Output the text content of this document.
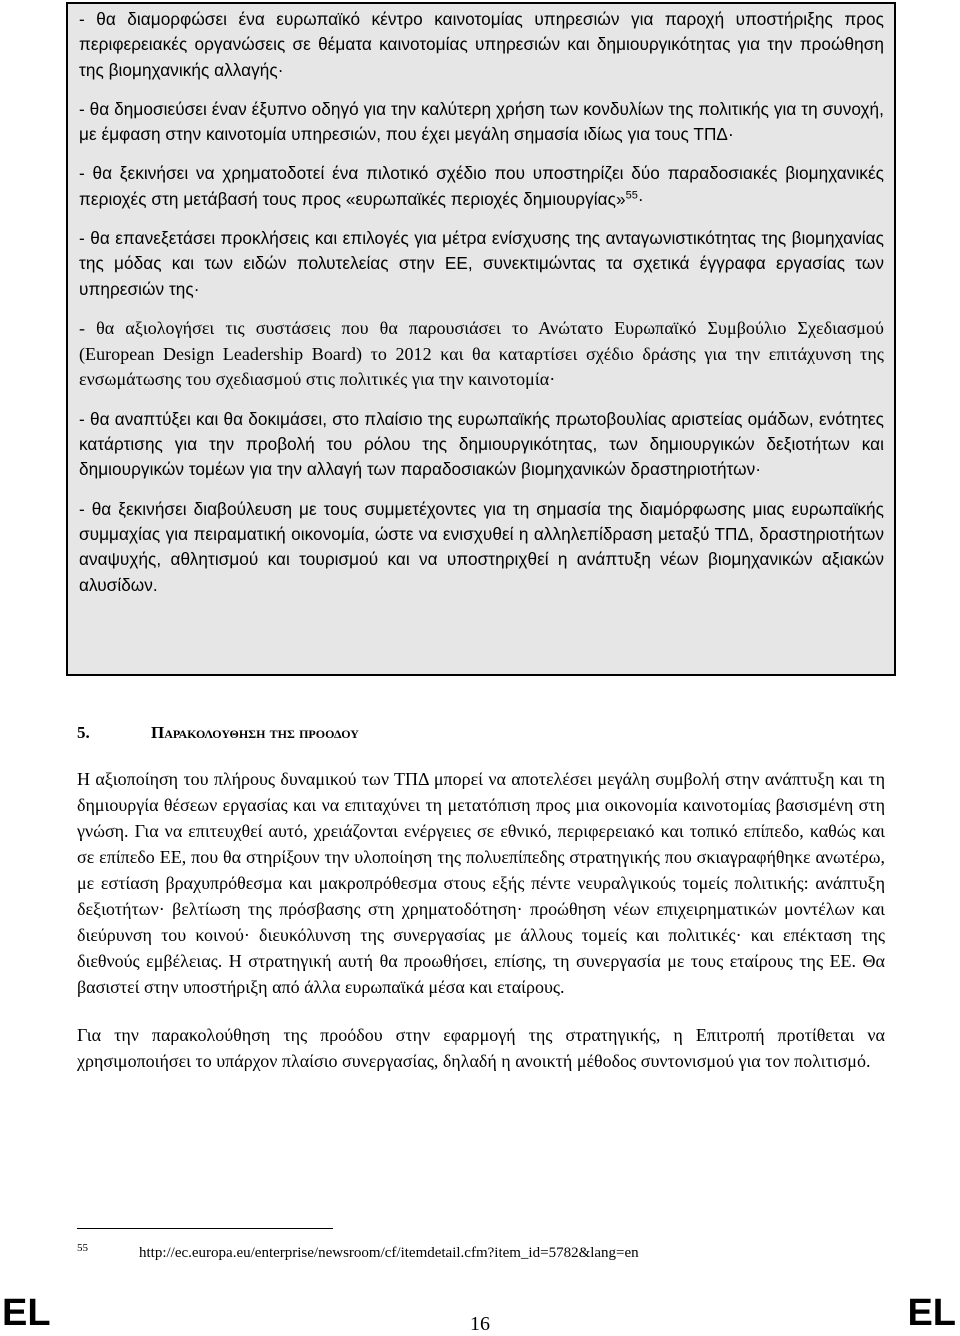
- θα διαμορφώσει ένα ευρωπαϊκό κέντρο καινοτομίας υπηρεσιών για παροχή υποστήριξης προς περιφερειακές οργανώσεις σε θέματα καινοτομίας υπηρεσιών και δημιουργικότητας για την προώθηση της βιομηχανικής αλλαγής·

- θα δημοσιεύσει έναν έξυπνο οδηγό για την καλύτερη χρήση των κονδυλίων της πολιτικής για τη συνοχή, με έμφαση στην καινοτομία υπηρεσιών, που έχει μεγάλη σημασία ιδίως για τους ΤΠΔ·

- θα ξεκινήσει να χρηματοδοτεί ένα πιλοτικό σχέδιο που υποστηρίζει δύο παραδοσιακές βιομηχανικές περιοχές στη μετάβασή τους προς «ευρωπαϊκές περιοχές δημιουργίας»$^{55}$·

- θα επανεξετάσει προκλήσεις και επιλογές για μέτρα ενίσχυσης της ανταγωνιστικότητας της βιομηχανίας της μόδας και των ειδών πολυτελείας στην ΕΕ, συνεκτιμώντας τα σχετικά έγγραφα εργασίας των υπηρεσιών της·

- θα αξιολογήσει τις συστάσεις που θα παρουσιάσει το Ανώτατο Ευρωπαϊκό Συμβούλιο Σχεδιασμού (European Design Leadership Board) το 2012 και θα καταρτίσει σχέδιο δράσης για την επιτάχυνση της ενσωμάτωσης του σχεδιασμού στις πολιτικές για την καινοτομία·

- θα αναπτύξει και θα δοκιμάσει, στο πλαίσιο της ευρωπαϊκής πρωτοβουλίας αριστείας ομάδων, ενότητες κατάρτισης για την προβολή του ρόλου της δημιουργικότητας, των δημιουργικών δεξιοτήτων και δημιουργικών τομέων για την αλλαγή των παραδοσιακών βιομηχανικών δραστηριοτήτων·

- θα ξεκινήσει διαβούλευση με τους συμμετέχοντες για τη σημασία της διαμόρφωσης μιας ευρωπαϊκής συμμαχίας για πειραματική οικονομία, ώστε να ενισχυθεί η αλληλεπίδραση μεταξύ ΤΠΔ, δραστηριοτήτων αναψυχής, αθλητισμού και τουρισμού και να υποστηριχθεί η ανάπτυξη νέων βιομηχανικών αξιακών αλυσίδων.

5.	Παρακολουθηση της προοδου

Η αξιοποίηση του πλήρους δυναμικού των ΤΠΔ μπορεί να αποτελέσει μεγάλη συμβολή στην ανάπτυξη και τη δημιουργία θέσεων εργασίας και να επιταχύνει τη μετατόπιση προς μια οικονομία καινοτομίας βασισμένη στη γνώση. Για να επιτευχθεί αυτό, χρειάζονται ενέργειες σε εθνικό, περιφερειακό και τοπικό επίπεδο, καθώς και σε επίπεδο ΕΕ, που θα στηρίξουν την υλοποίηση της πολυεπίπεδης στρατηγικής που σκιαγραφήθηκε ανωτέρω, με εστίαση βραχυπρόθεσμα και μακροπρόθεσμα στους εξής πέντε νευραλγικούς τομείς πολιτικής: ανάπτυξη δεξιοτήτων· βελτίωση της πρόσβασης στη χρηματοδότηση· προώθηση νέων επιχειρηματικών μοντέλων και διεύρυνση του κοινού· διευκόλυνση της συνεργασίας με άλλους τομείς και πολιτικές· και επέκταση της διεθνούς εμβέλειας. Η στρατηγική αυτή θα προωθήσει, επίσης, τη συνεργασία με τους εταίρους της ΕΕ. Θα βασιστεί στην υποστήριξη από άλλα ευρωπαϊκά μέσα και εταίρους.

Για την παρακολούθηση της προόδου στην εφαρμογή της στρατηγικής, η Επιτροπή προτίθεται να χρησιμοποιήσει το υπάρχον πλαίσιο συνεργασίας, δηλαδή η ανοικτή μέθοδος συντονισμού για τον πολιτισμό.

55	http://ec.europa.eu/enterprise/newsroom/cf/itemdetail.cfm?item_id=5782&lang=en
EL	16	EL
